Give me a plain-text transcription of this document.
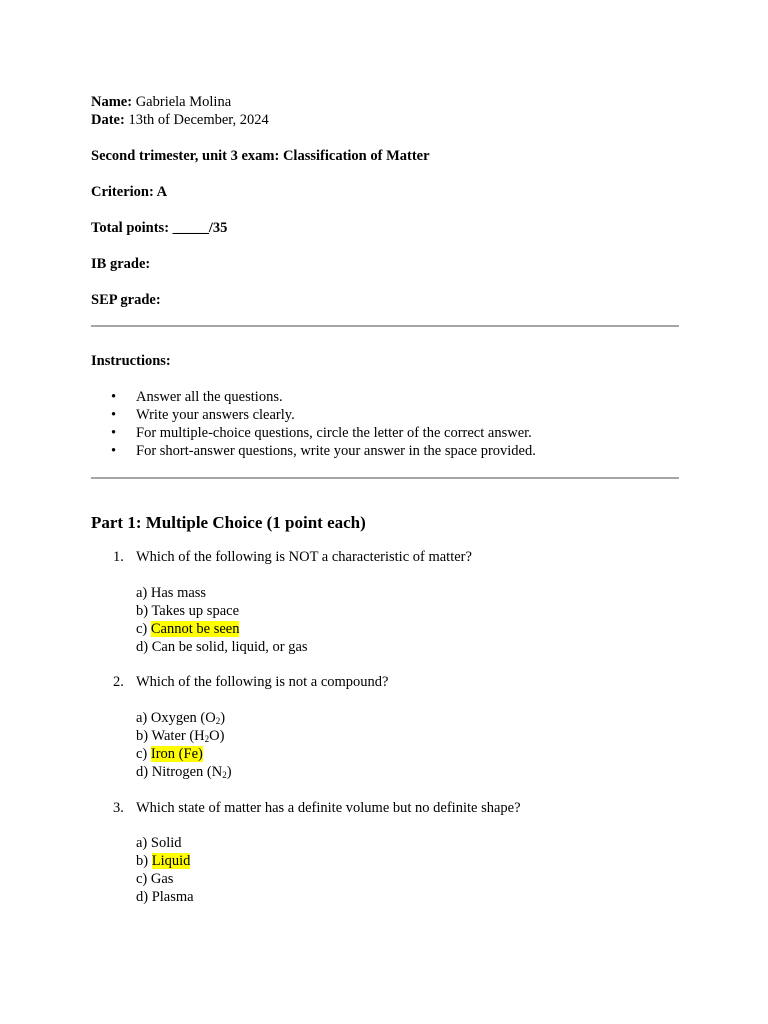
Name: Gabriela Molina
Date: 13th of December, 2024
Second trimester, unit 3 exam: Classification of Matter
Criterion: A
Total points: _____/35
IB grade:
SEP grade:
Instructions:
• Answer all the questions.
• Write your answers clearly.
• For multiple-choice questions, circle the letter of the correct answer.
• For short-answer questions, write your answer in the space provided.
Part 1: Multiple Choice (1 point each)
1. Which of the following is NOT a characteristic of matter?
a) Has mass
b) Takes up space
c) Cannot be seen
d) Can be solid, liquid, or gas
2. Which of the following is not a compound?
a) Oxygen $(O_2)$
b) Water $(H_2O)$
c) Iron (Fe)
d) Nitrogen $(N_2)$
3. Which state of matter has a definite volume but no definite shape?
a) Solid
b) Liquid
c) Gas
d) Plasma
